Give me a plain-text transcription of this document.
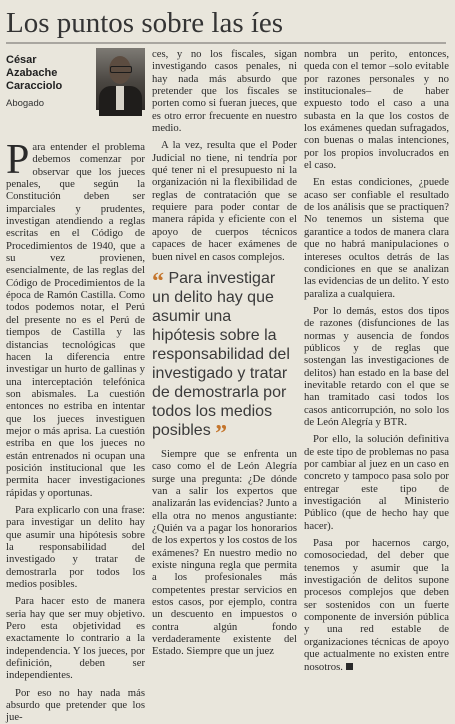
Los puntos sobre las íes
César
Azabache
Caracciolo
Abogado

Para entender el problema debemos comenzar por observar que los jueces penales, que según la Constitución deben ser imparciales y prudentes, investigan atendiendo a reglas escritas en el Código de Procedimientos de 1940, que a su vez provienen, esencialmente, de las reglas del Código de Procedimientos de la época de Ramón Castilla. Como todos podemos notar, el Perú del presente no es el Perú de tiempos de Castilla y las distancias tecnológicas que hacen la diferencia entre investigar un hurto de gallinas y una interceptación telefónica son abismales. La cuestión entonces no estriba en intentar que los jueces investiguen mejor o más aprisa. La cuestión estriba en que los jueces no están entrenados ni ocupan una posición institucional que les permita hacer investigaciones rápidas y oportunas.

Para explicarlo con una frase: para investigar un delito hay que asumir una hipótesis sobre la responsabilidad del investigado y tratar de demostrarla por todos los medios posibles.

Para hacer esto de manera seria hay que ser muy objetivo. Pero esta objetividad es exactamente lo contrario a la independencia. Y los jueces, por definición, deben ser independientes.

Por eso no hay nada más absurdo que pretender que los jue-

ces, y no los fiscales, sigan investigando casos penales, ni hay nada más absurdo que pretender que los fiscales se porten como si fueran jueces, que es otro error frecuente en nuestro medio.

A la vez, resulta que el Poder Judicial no tiene, ni tendría por qué tener ni el presupuesto ni la organización ni la flexibilidad de reglas de contratación que se requiere para poder contar de manera rápida y eficiente con el apoyo de cuerpos técnicos capaces de hacer exámenes de buen nivel en casos complejos.

“ Para investigar un delito hay que asumir una hipótesis sobre la responsabilidad del investigado y tratar de demostrarla por todos los medios posibles ”

Siempre que se enfrenta un caso como el de León Alegría surge una pregunta: ¿De dónde van a salir los expertos que analizarán las evidencias? Junto a ella otra no menos angustiante: ¿Quién va a pagar los honorarios de los expertos y los costos de los exámenes? En nuestro medio no existe ninguna regla que permita a los profesionales más competentes prestar servicios en estos casos, por ejemplo, contra un descuento en impuestos o contra algún fondo verdaderamente existente del Estado. Siempre que un juez

nombra un perito, entonces, queda con el temor –solo evitable por razones personales y no institucionales– de haber expuesto todo el caso a una subasta en la que los costos de los exámenes quedan sufragados, con buenas o malas intenciones, por los propios involucrados en el caso.

En estas condiciones, ¿puede acaso ser confiable el resultado de los análisis que se practiquen? No tenemos un sistema que garantice a todos de manera clara que no habrá manipulaciones o intereses ocultos detrás de las condiciones en que se analizan las evidencias de un delito. Y esto paraliza a cualquiera.

Por lo demás, estos dos tipos de razones (disfunciones de las normas y ausencia de fondos públicos y de reglas que sostengan las investigaciones de delitos) han estado en la base del inevitable retardo con el que se han tramitado casi todos los casos anticorrupción, no solo los de León Alegría y BTR.

Por ello, la solución definitiva de este tipo de problemas no pasa por cambiar al juez en un caso en concreto y tampoco pasa solo por entregar este tipo de investigación al Ministerio Público (que de hecho hay que hacer).

Pasa por hacernos cargo, comosociedad, del deber que tenemos y asumir que la investigación de delitos supone procesos complejos que deben ser sostenidos con un fuerte componente de inversión pública y una red estable de organizaciones técnicas de apoyo que actualmente no existen entre nosotros.
